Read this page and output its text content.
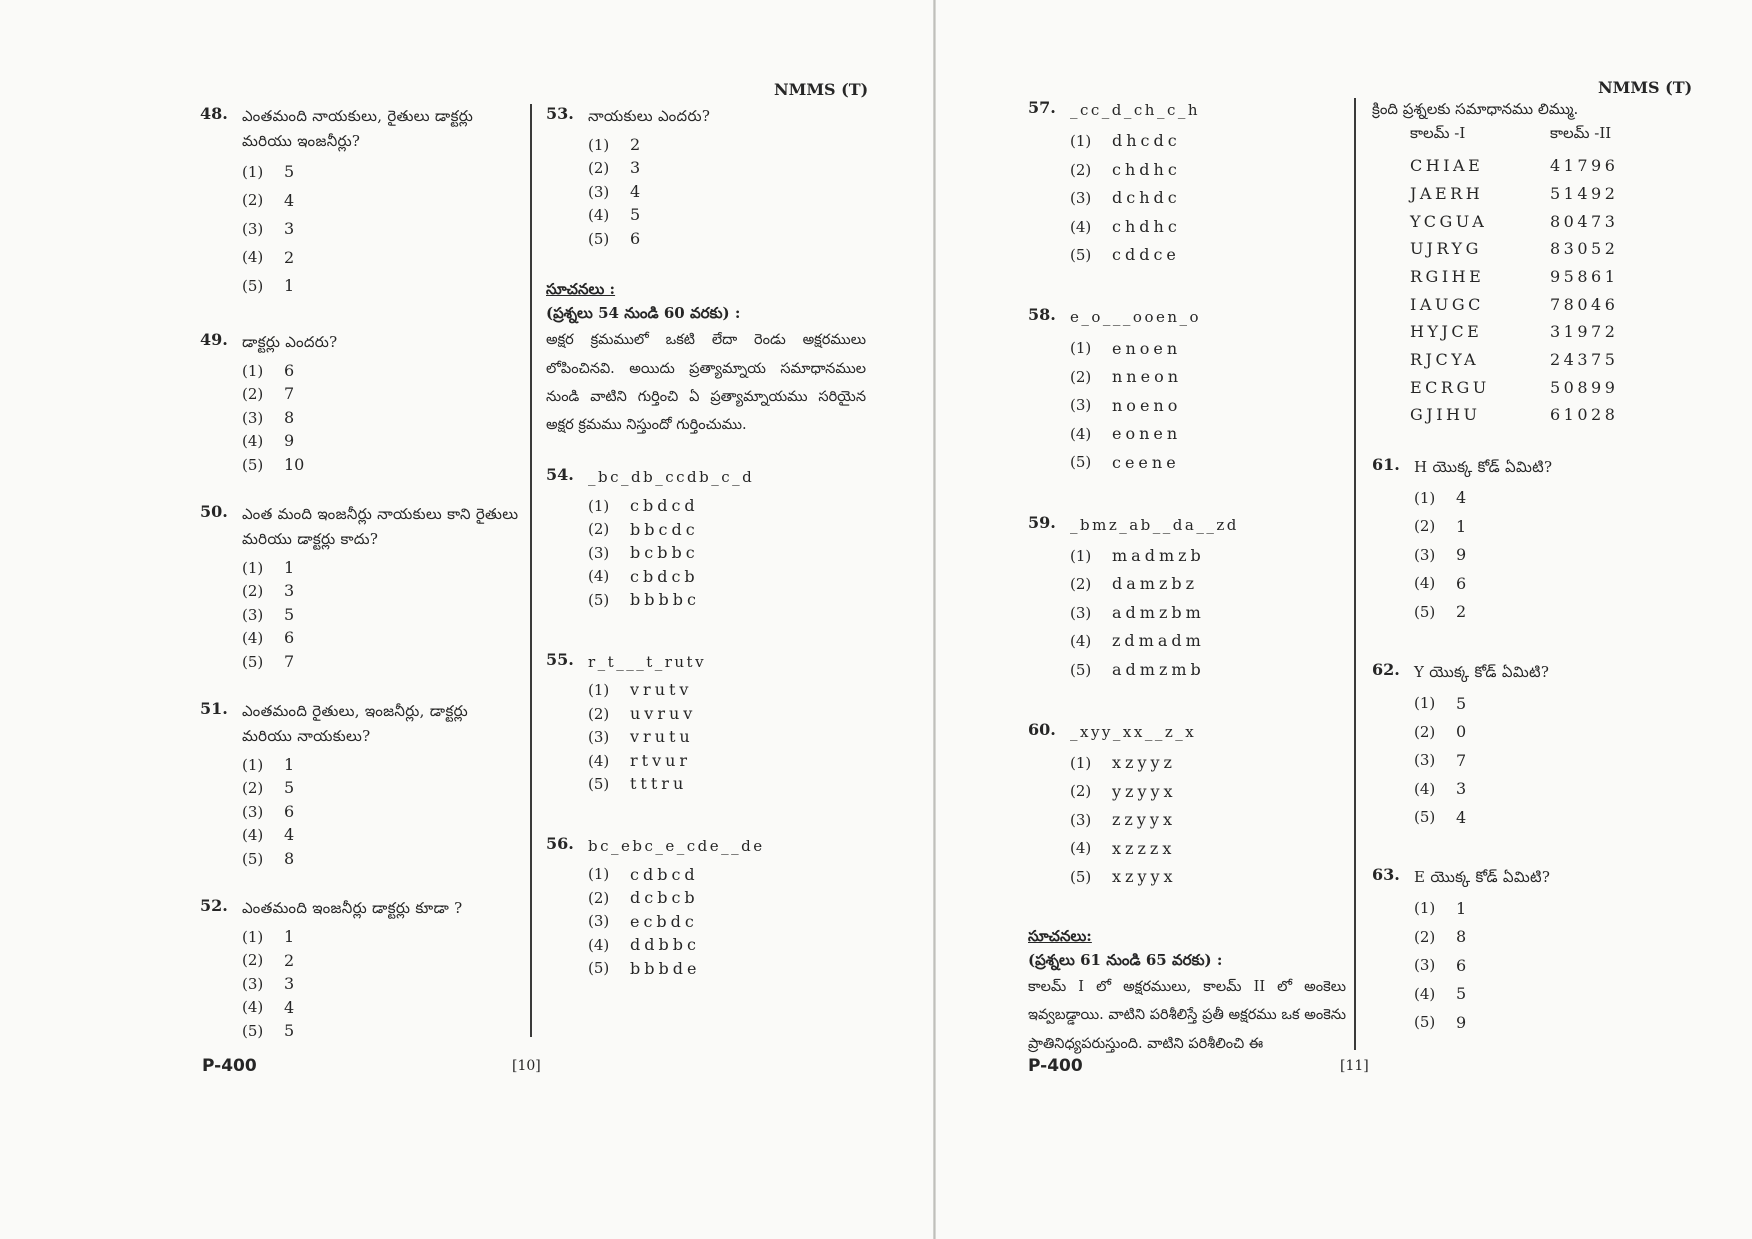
NMMS (T)
48. ఎంతమంది నాయకులు, రైతులు డాక్టర్లు మరియు ఇంజనీర్లు?
(1)	5
(2)	4
(3)	3
(4)	2
(5)	1
49. డాక్టర్లు ఎందరు?
(1)	6
(2)	7
(3)	8
(4)	9
(5)	10
50. ఎంత మంది ఇంజనీర్లు నాయకులు కాని రైతులు మరియు డాక్టర్లు కాదు?
(1)	1
(2)	3
(3)	5
(4)	6
(5)	7
51. ఎంతమంది రైతులు, ఇంజనీర్లు, డాక్టర్లు మరియు నాయకులు?
(1)	1
(2)	5
(3)	6
(4)	4
(5)	8
52. ఎంతమంది ఇంజనీర్లు డాక్టర్లు కూడా ?
(1)	1
(2)	2
(3)	3
(4)	4
(5)	5
53. నాయకులు ఎందరు?
(1)	2
(2)	3
(3)	4
(4)	5
(5)	6
సూచనలు :
(ప్రశ్నలు 54 నుండి 60 వరకు) :
అక్షర క్రమములో ఒకటి లేదా రెండు అక్షరములు లోపించినవి. అయిదు ప్రత్యామ్నాయ సమాధానముల నుండి వాటిని గుర్తించి ఏ ప్రత్యామ్నాయము సరియైన అక్షర క్రమము నిస్తుందో గుర్తించుము.
54. _bc_db_ccdb_c_d
(1)	cbdcd
(2)	bbcdc
(3)	bcbbc
(4)	cbdcb
(5)	bbbbc
55. r_t___t_rutv
(1)	vrutv
(2)	uvruv
(3)	vrutu
(4)	rtvur
(5)	tttru
56. bc_ebc_e_cde__de
(1)	cdbcd
(2)	dcbcb
(3)	ecbdc
(4)	ddbbc
(5)	bbbde
P-400	[10]
NMMS (T)
57. _cc_d_ch_c_h
(1)	dhcdc
(2)	chdhc
(3)	dchdc
(4)	chdhc
(5)	cddce
58. e_o___ooen_o
(1)	enoen
(2)	nneon
(3)	noeno
(4)	eonen
(5)	ceene
59. _bmz_ab__da__zd
(1)	madmzb
(2)	damzbz
(3)	admzbm
(4)	zdmadm
(5)	admzmb
60. _xyy_xx__z_x
(1)	xzyyz
(2)	yzyyx
(3)	zzyyx
(4)	xzzzx
(5)	xzyyx
సూచనలు:
(ప్రశ్నలు 61 నుండి 65 వరకు) :
కాలమ్ I లో అక్షరములు, కాలమ్ II లో అంకెలు ఇవ్వబడ్డాయి. వాటిని పరిశీలిస్తే ప్రతీ అక్షరము ఒక అంకెను ప్రాతినిధ్యపరుస్తుంది. వాటిని పరిశీలించి ఈ
క్రింది ప్రశ్నలకు సమాధానము లిమ్ము.
కాలమ్ -I	కాలమ్ -II
CHIAE	41796
JAERH	51492
YCGUA	80473
UJRYG	83052
RGIHE	95861
IAUGC	78046
HYJCE	31972
RJCYA	24375
ECRGU	50899
GJIHU	61028
61. H యొక్క కోడ్ ఏమిటి?
(1)	4
(2)	1
(3)	9
(4)	6
(5)	2
62. Y యొక్క కోడ్ ఏమిటి?
(1)	5
(2)	0
(3)	7
(4)	3
(5)	4
63. E యొక్క కోడ్ ఏమిటి?
(1)	1
(2)	8
(3)	6
(4)	5
(5)	9
P-400	[11]
